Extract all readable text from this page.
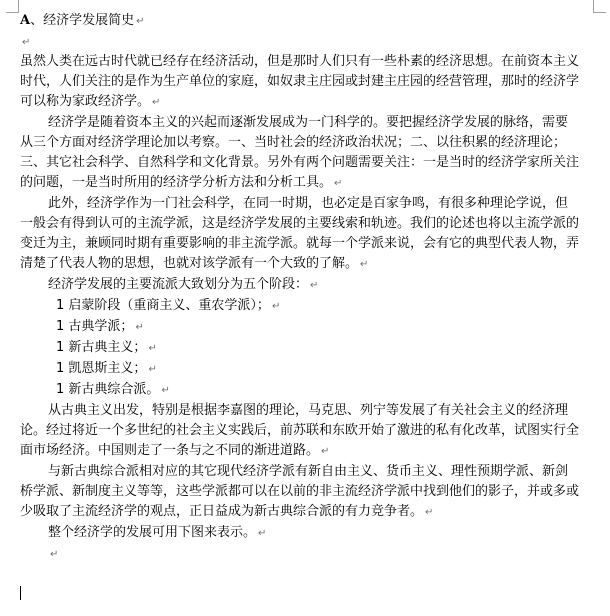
A、经济学发展简史 ↵
↵

虽然人类在远古时代就已经存在经济活动，但是那时人们只有一些朴素的经济思想。在前资本主义时代，人们关注的是作为生产单位的家庭，如奴隶主庄园或封建主庄园的经营管理，那时的经济学可以称为家政经济学。 ↵

经济学是随着资本主义的兴起而逐渐发展成为一门科学的。要把握经济学发展的脉络，需要从三个方面对经济学理论加以考察。一、当时社会的经济政治状况；二、以往积累的经济理论；三、其它社会科学、自然科学和文化背景。另外有两个问题需要关注：一是当时的经济学家所关注的问题，一是当时所用的经济学分析方法和分析工具。 ↵

此外，经济学作为一门社会科学，在同一时期，也必定是百家争鸣，有很多种理论学说，但一般会有得到认可的主流学派，这是经济学发展的主要线索和轨迹。我们的论述也将以主流学派的变迁为主，兼顾同时期有重要影响的非主流学派。就每一个学派来说，会有它的典型代表人物，弄清楚了代表人物的思想，也就对该学派有一个大致的了解。 ↵

经济学发展的主要流派大致划分为五个阶段： ↵

1 启蒙阶段（重商主义、重农学派）； ↵
1 古典学派； ↵
1 新古典主义； ↵
1 凯恩斯主义； ↵
1 新古典综合派。 ↵

从古典主义出发，特别是根据李嘉图的理论，马克思、列宁等发展了有关社会主义的经济理论。经过将近一个多世纪的社会主义实践后，前苏联和东欧开始了激进的私有化改革，试图实行全面市场经济。中国则走了一条与之不同的渐进道路。 ↵

与新古典综合派相对应的其它现代经济学派有新自由主义、货币主义、理性预期学派、新剑桥学派、新制度主义等等，这些学派都可以在以前的非主流经济学派中找到他们的影子，并或多或少吸取了主流经济学的观点，正日益成为新古典综合派的有力竞争者。 ↵

整个经济学的发展可用下图来表示。 ↵

↵
